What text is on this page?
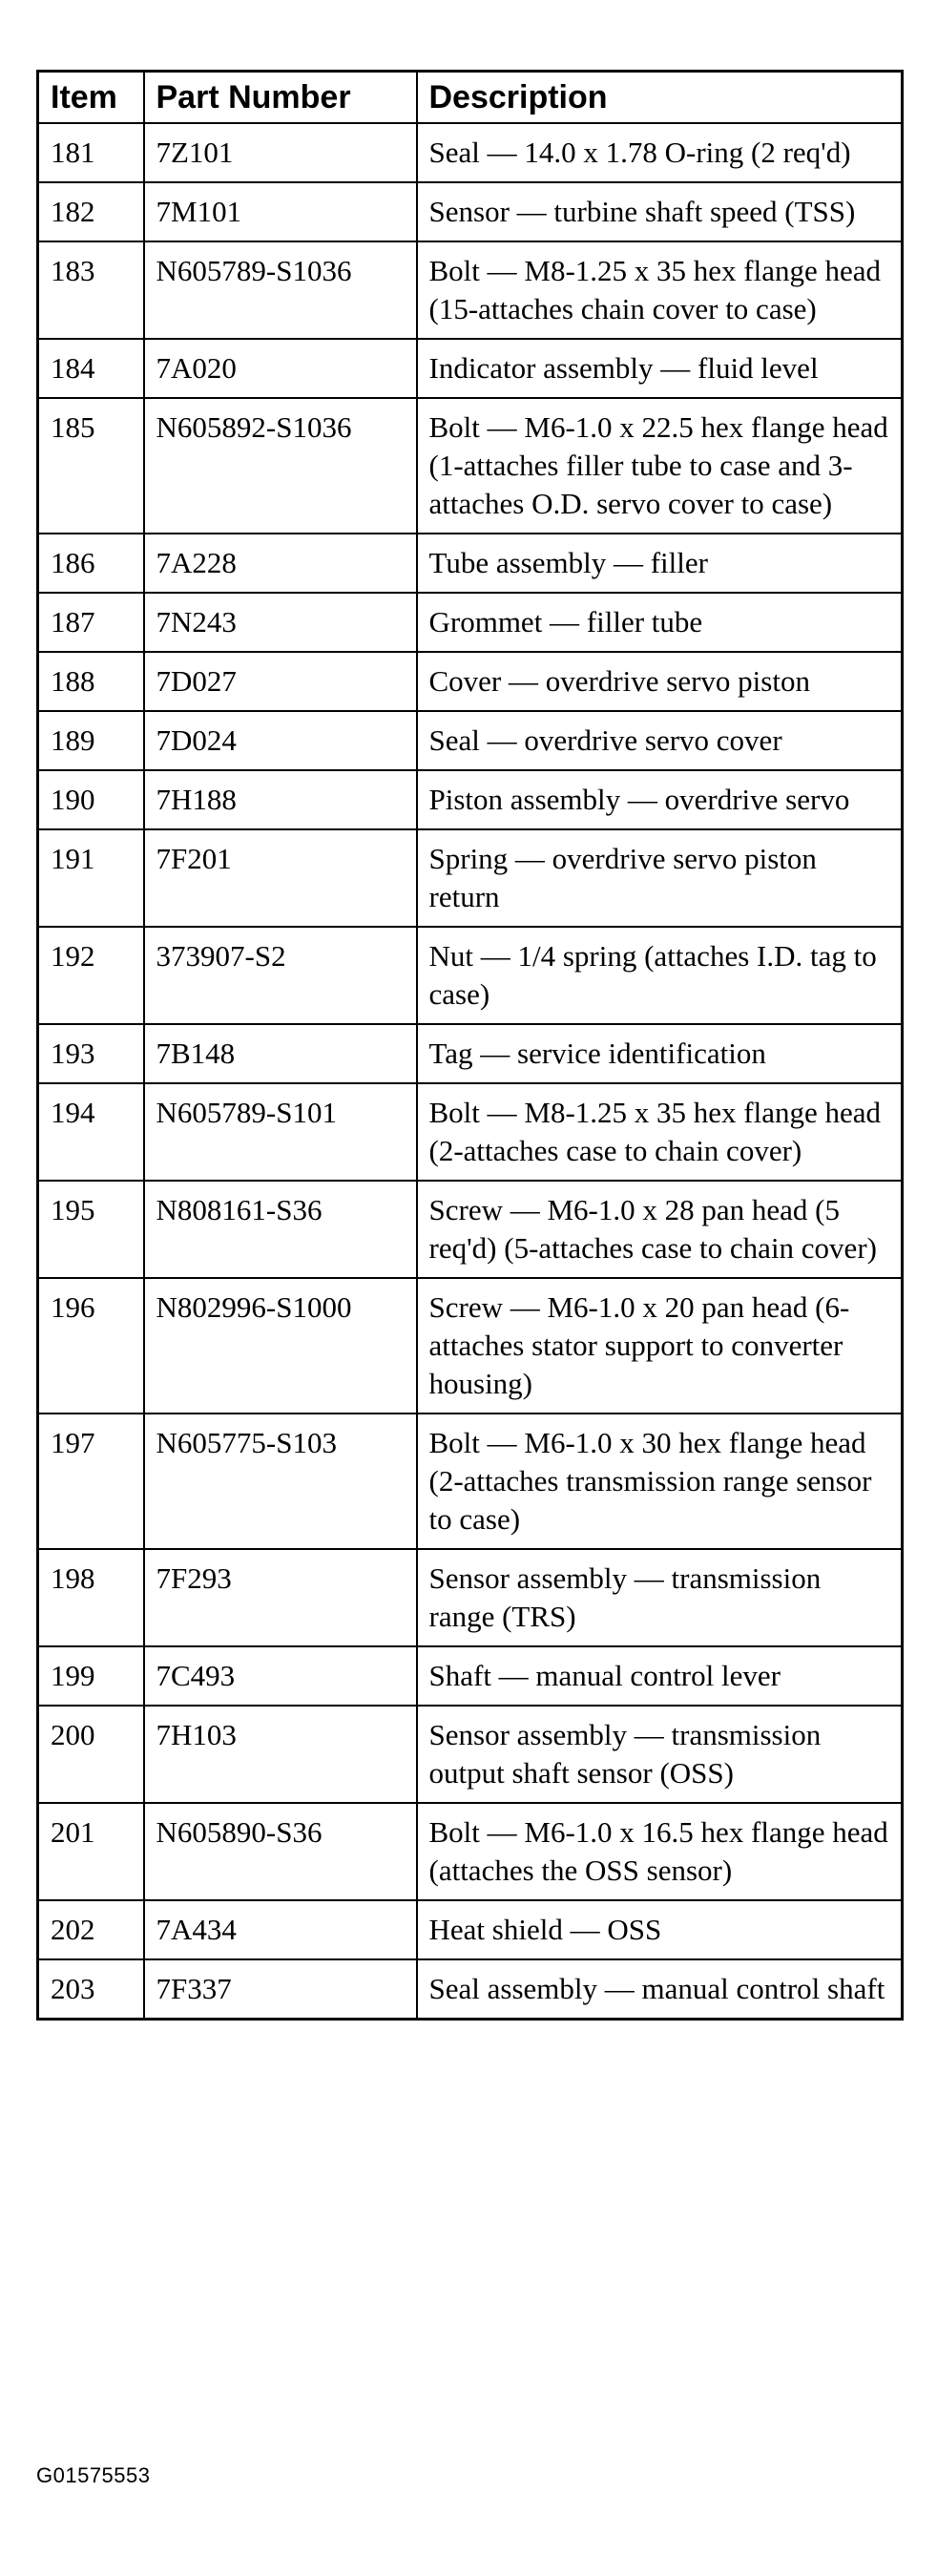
Item	Part Number	Description
181	7Z101	Seal — 14.0 x 1.78 O-ring (2 req'd)
182	7M101	Sensor — turbine shaft speed (TSS)
183	N605789-S1036	Bolt — M8-1.25 x 35 hex flange head (15-attaches chain cover to case)
184	7A020	Indicator assembly — fluid level
185	N605892-S1036	Bolt — M6-1.0 x 22.5 hex flange head (1-attaches filler tube to case and 3-attaches O.D. servo cover to case)
186	7A228	Tube assembly — filler
187	7N243	Grommet — filler tube
188	7D027	Cover — overdrive servo piston
189	7D024	Seal — overdrive servo cover
190	7H188	Piston assembly — overdrive servo
191	7F201	Spring — overdrive servo piston return
192	373907-S2	Nut — 1/4 spring (attaches I.D. tag to case)
193	7B148	Tag — service identification
194	N605789-S101	Bolt — M8-1.25 x 35 hex flange head (2-attaches case to chain cover)
195	N808161-S36	Screw — M6-1.0 x 28 pan head (5 req'd) (5-attaches case to chain cover)
196	N802996-S1000	Screw — M6-1.0 x 20 pan head (6-attaches stator support to converter housing)
197	N605775-S103	Bolt — M6-1.0 x 30 hex flange head (2-attaches transmission range sensor to case)
198	7F293	Sensor assembly — transmission range (TRS)
199	7C493	Shaft — manual control lever
200	7H103	Sensor assembly — transmission output shaft sensor (OSS)
201	N605890-S36	Bolt — M6-1.0 x 16.5 hex flange head (attaches the OSS sensor)
202	7A434	Heat shield — OSS
203	7F337	Seal assembly — manual control shaft
G01575553
